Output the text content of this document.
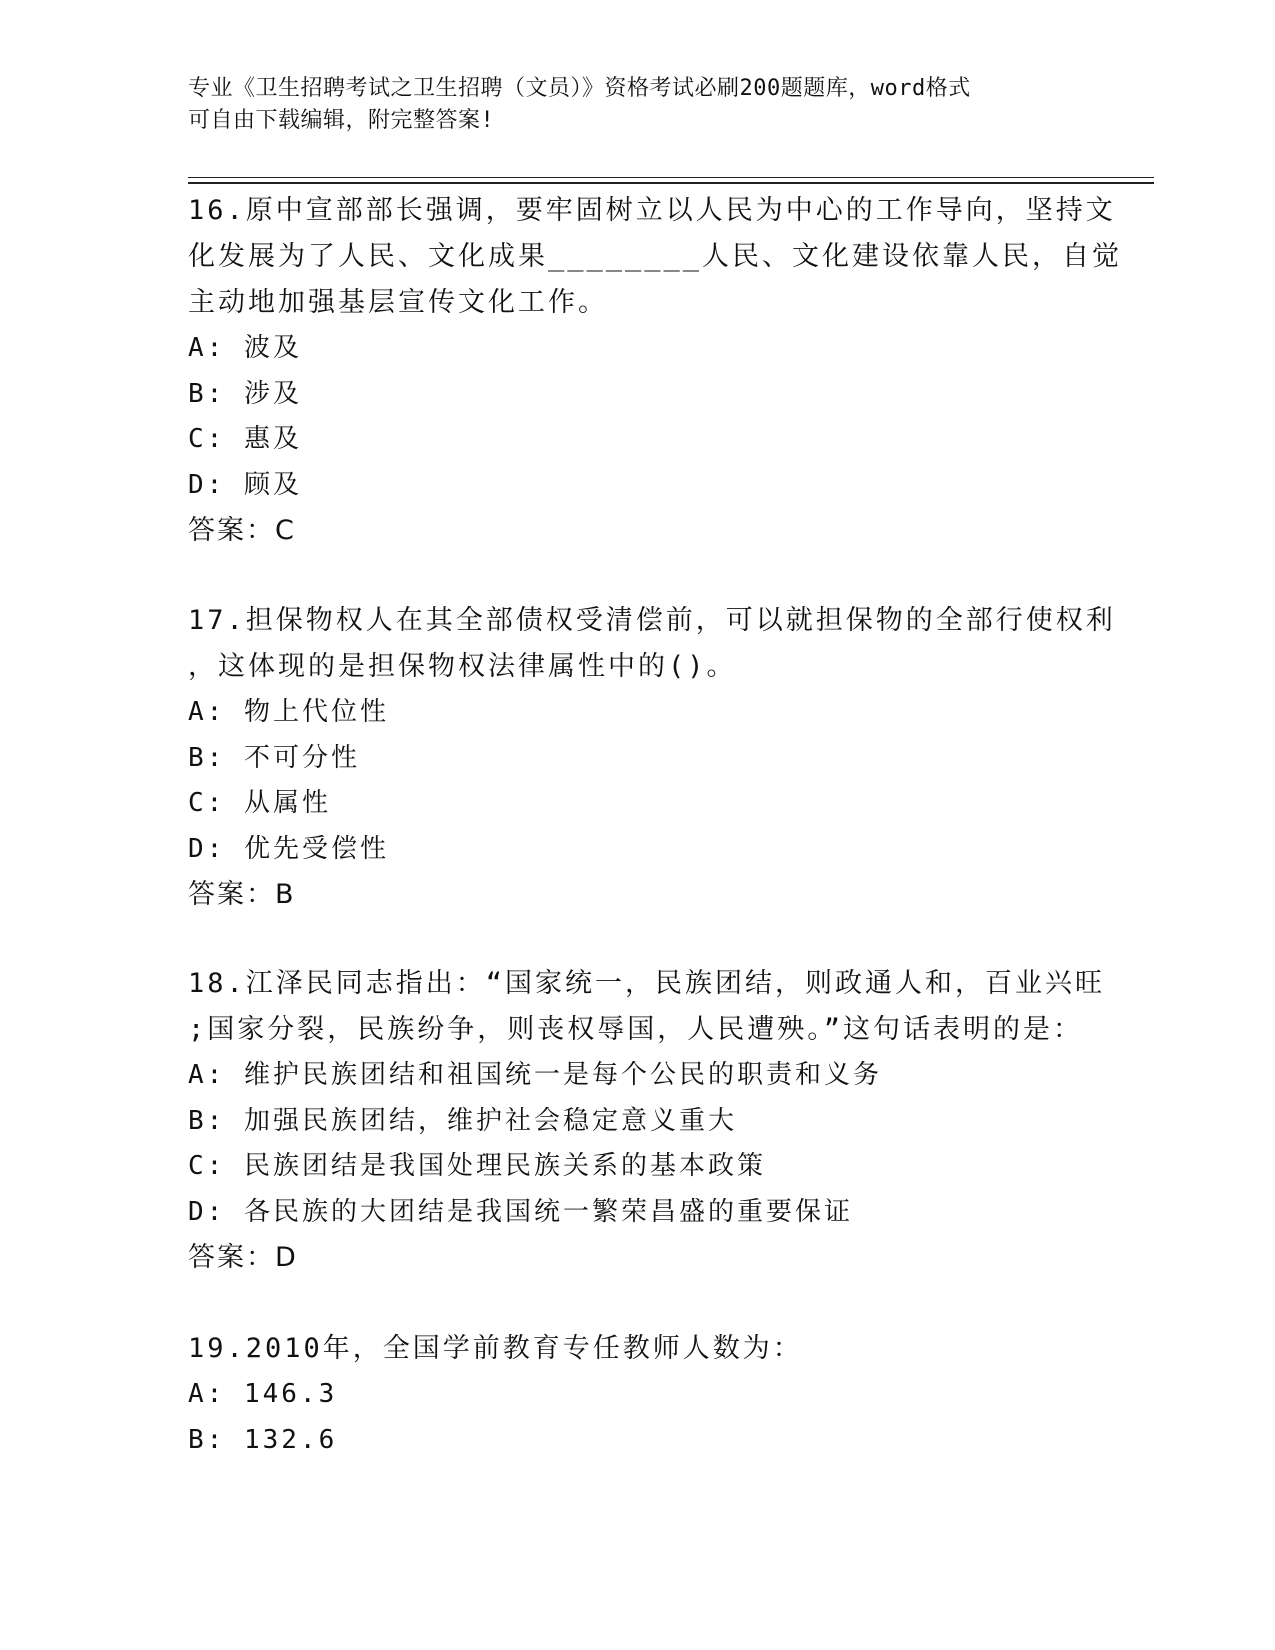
专业《卫生招聘考试之卫生招聘（文员）》资格考试必刷200题题库，word格式
可自由下载编辑，附完整答案!
16.原中宣部部长强调，要牢固树立以人民为中心的工作导向，坚持文
化发展为了人民、文化成果________人民、文化建设依靠人民，自觉
主动地加强基层宣传文化工作。
A: 波及
B: 涉及
C: 惠及
D: 顾及
答案：C
17.担保物权人在其全部债权受清偿前，可以就担保物的全部行使权利
，这体现的是担保物权法律属性中的()。
A: 物上代位性
B: 不可分性
C: 从属性
D: 优先受偿性
答案：B
18.江泽民同志指出：“国家统一，民族团结，则政通人和，百业兴旺
;国家分裂，民族纷争，则丧权辱国，人民遭殃。”这句话表明的是：
A: 维护民族团结和祖国统一是每个公民的职责和义务
B: 加强民族团结，维护社会稳定意义重大
C: 民族团结是我国处理民族关系的基本政策
D: 各民族的大团结是我国统一繁荣昌盛的重要保证
答案：D
19.2010年，全国学前教育专任教师人数为：
A: 146.3
B: 132.6
